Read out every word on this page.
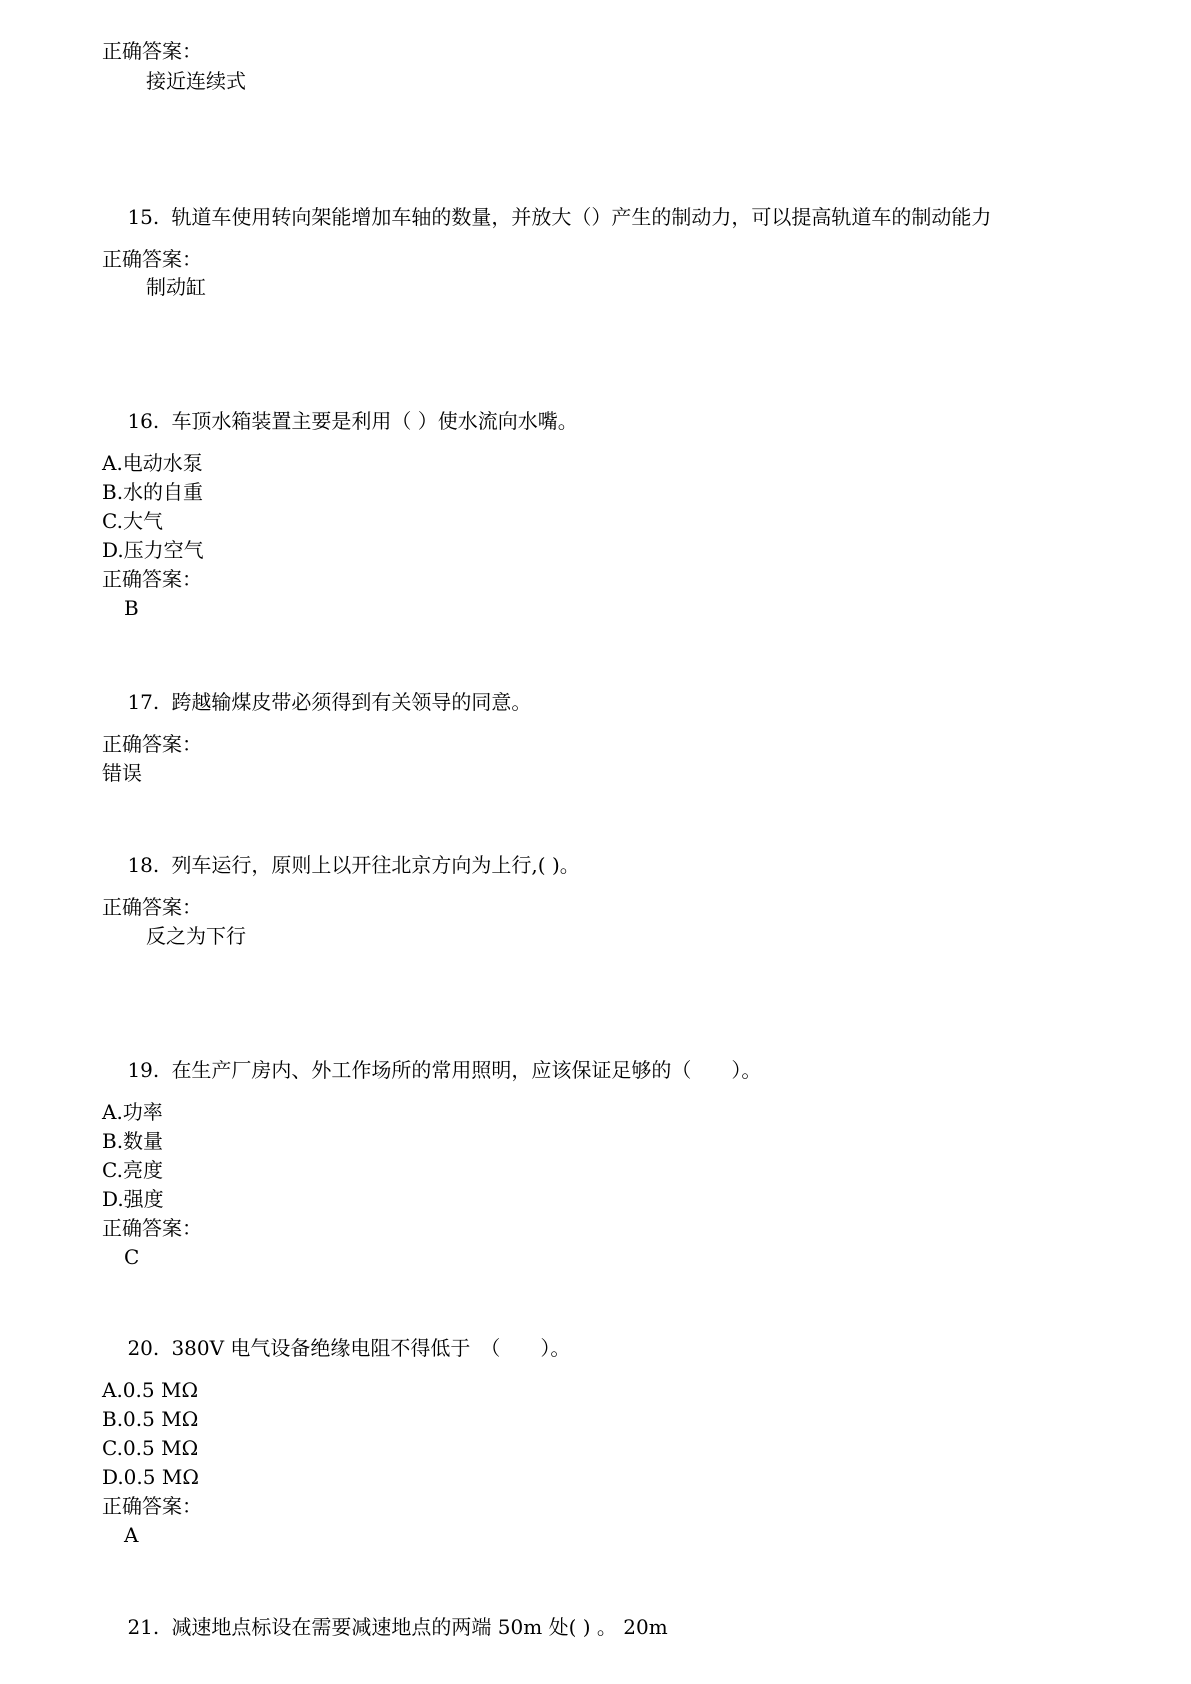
正确答案：
接近连续式

15. 轨道车使用转向架能增加车轴的数量，并放大（）产生的制动力，可以提高轨道车的制动能力

正确答案：
制动缸

16. 车顶水箱装置主要是利用（ ）使水流向水嘴。

A.电动水泵
B.水的自重
C.大气
D.压力空气
正确答案：
B

17. 跨越输煤皮带必须得到有关领导的同意。

正确答案：
错误

18. 列车运行，原则上以开往北京方向为上行,( )。

正确答案：
反之为下行

19. 在生产厂房内、外工作场所的常用照明，应该保证足够的（　　）。

A.功率
B.数量
C.亮度
D.强度
正确答案：
C

20. 380V 电气设备绝缘电阻不得低于　（　　）。

A.0.5 MΩ
B.0.5 MΩ
C.0.5 MΩ
D.0.5 MΩ
正确答案：
A

21. 减速地点标设在需要减速地点的两端 50m 处( ) 。 20m
